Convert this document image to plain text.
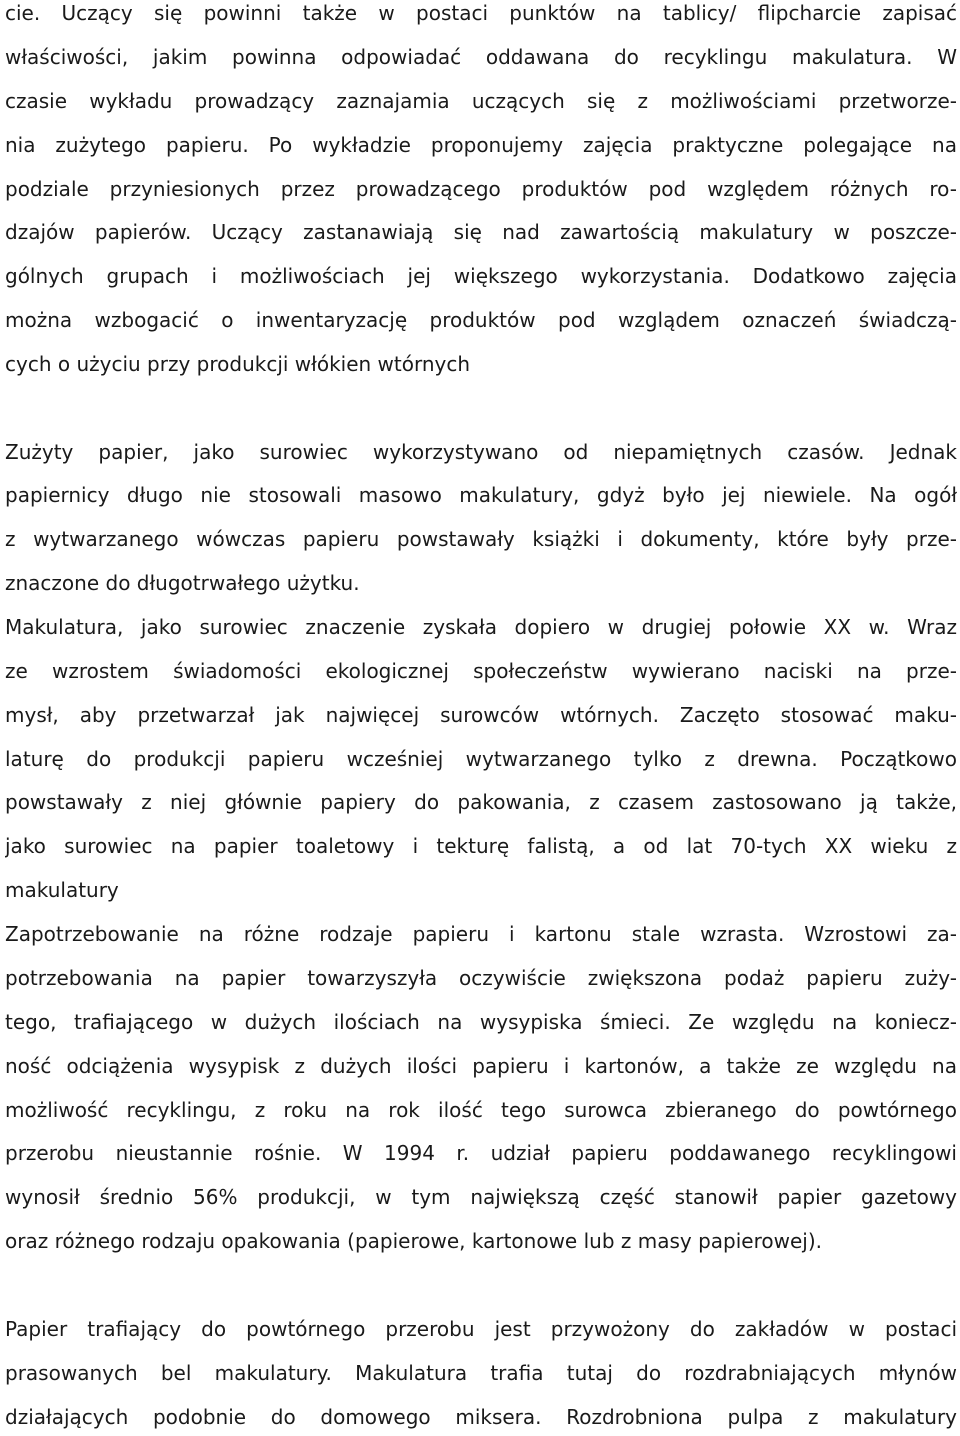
cie. Uczący się powinni także w postaci punktów na tablicy/ flipcharcie zapisać
właściwości, jakim powinna odpowiadać oddawana do recyklingu makulatura. W
czasie wykładu prowadzący zaznajamia uczących się z możliwościami przetworze-
nia zużytego papieru. Po wykładzie proponujemy zajęcia praktyczne polegające na
podziale przyniesionych przez prowadzącego produktów pod względem różnych ro-
dzajów papierów. Uczący zastanawiają się nad zawartością makulatury w poszcze-
gólnych grupach i możliwościach jej większego wykorzystania. Dodatkowo zajęcia
można wzbogacić o inwentaryzację produktów pod wzglądem oznaczeń świadczą-
cych o użyciu przy produkcji włókien wtórnych
Zużyty papier, jako surowiec wykorzystywano od niepamiętnych czasów. Jednak
papiernicy długo nie stosowali masowo makulatury, gdyż było jej niewiele. Na ogół
z wytwarzanego wówczas papieru powstawały książki i dokumenty, które były prze-
znaczone do długotrwałego użytku.
Makulatura, jako surowiec znaczenie zyskała dopiero w drugiej połowie XX w. Wraz
ze wzrostem świadomości ekologicznej społeczeństw wywierano naciski na prze-
mysł, aby przetwarzał jak najwięcej surowców wtórnych. Zaczęto stosować maku-
laturę do produkcji papieru wcześniej wytwarzanego tylko z drewna. Początkowo
powstawały z niej głównie papiery do pakowania, z czasem zastosowano ją także,
jako surowiec na papier toaletowy i tekturę falistą, a od lat 70-tych XX wieku z
makulatury
Zapotrzebowanie na różne rodzaje papieru i kartonu stale wzrasta. Wzrostowi za-
potrzebowania na papier towarzyszyła oczywiście zwiększona podaż papieru zuży-
tego, trafiającego w dużych ilościach na wysypiska śmieci. Ze względu na koniecz-
ność odciążenia wysypisk z dużych ilości papieru i kartonów, a także ze względu na
możliwość recyklingu, z roku na rok ilość tego surowca zbieranego do powtórnego
przerobu nieustannie rośnie. W 1994 r. udział papieru poddawanego recyklingowi
wynosił średnio 56% produkcji, w tym największą część stanowił papier gazetowy
oraz różnego rodzaju opakowania (papierowe, kartonowe lub z masy papierowej).
Papier trafiający do powtórnego przerobu jest przywożony do zakładów w postaci
prasowanych bel makulatury. Makulatura trafia tutaj do rozdrabniających młynów
działających podobnie do domowego miksera. Rozdrobniona pulpa z makulatury
